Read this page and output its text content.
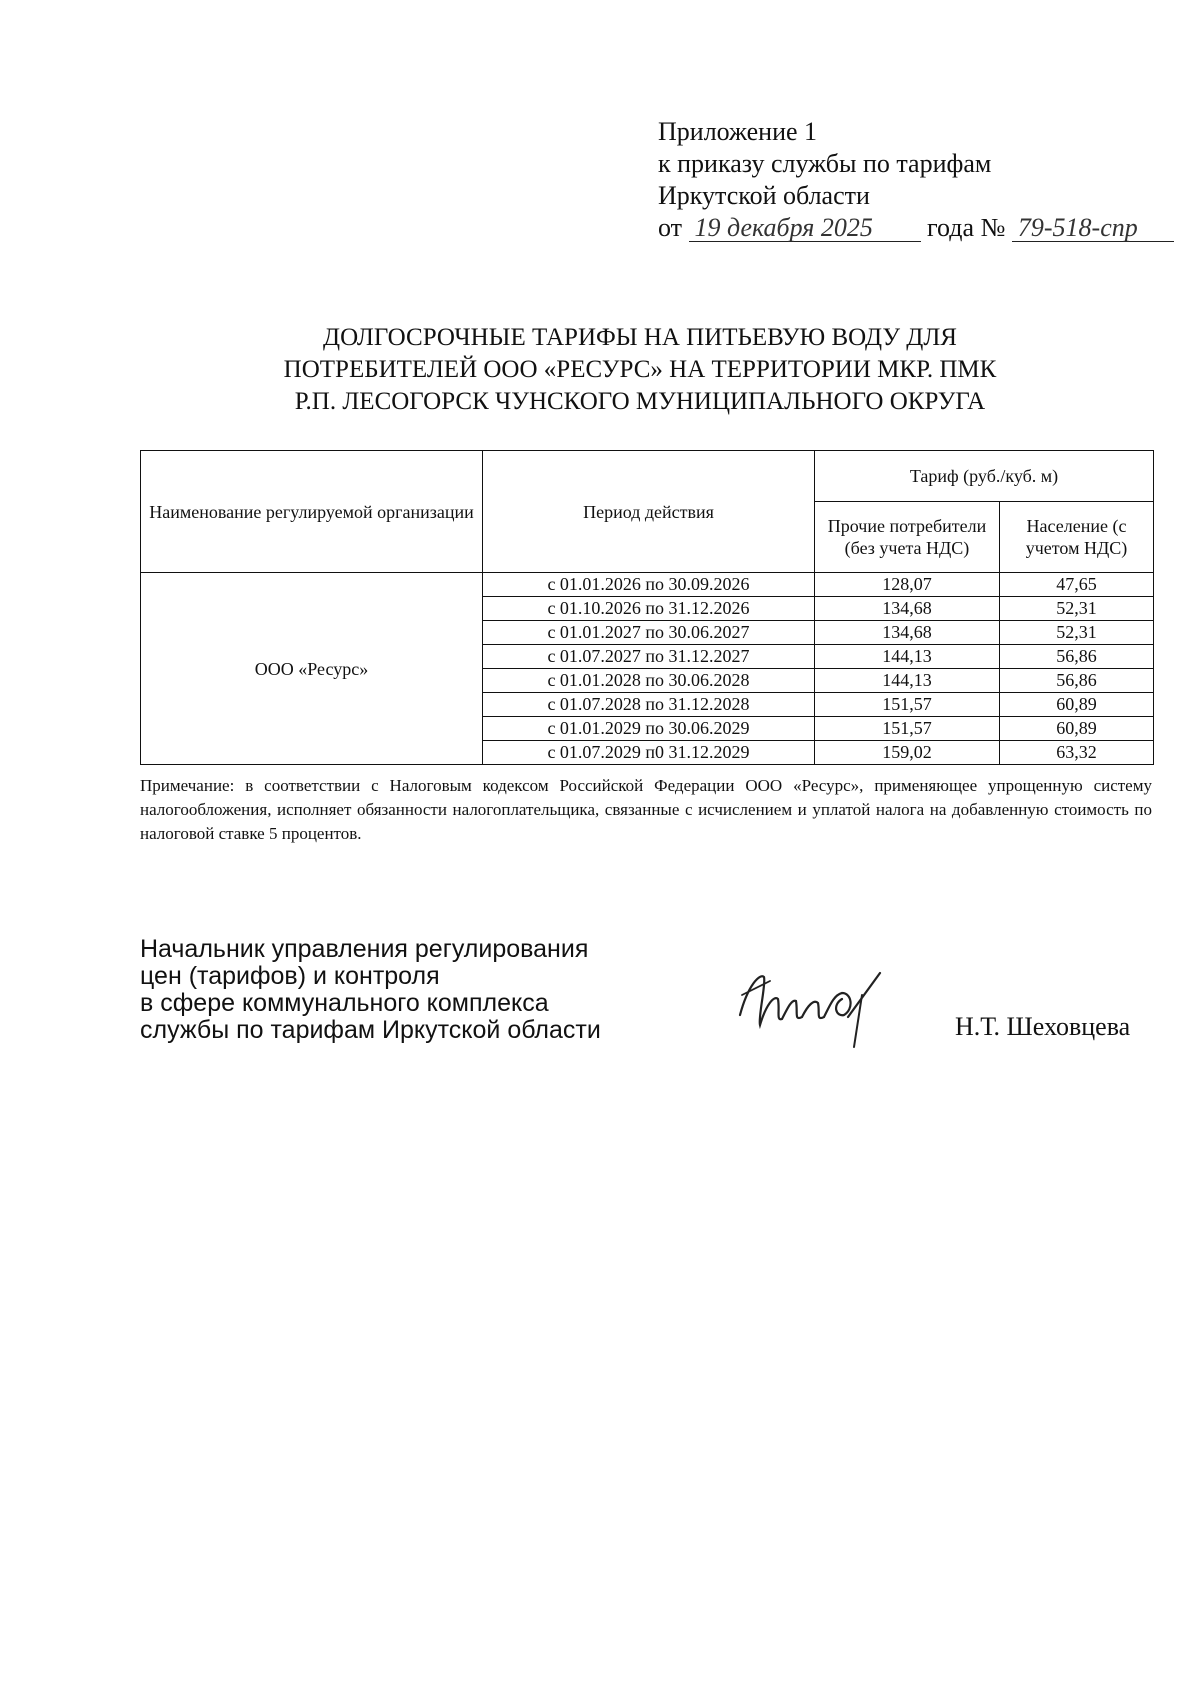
Приложение 1
к приказу службы по тарифам
Иркутской области
от 19 декабря 2025 года № 79-518-спр
ДОЛГОСРОЧНЫЕ ТАРИФЫ НА ПИТЬЕВУЮ ВОДУ ДЛЯ
ПОТРЕБИТЕЛЕЙ ООО «РЕСУРС» НА ТЕРРИТОРИИ МКР. ПМК
Р.П. ЛЕСОГОРСК ЧУНСКОГО МУНИЦИПАЛЬНОГО ОКРУГА
Наименование регулируемой организации	Период действия	Тариф (руб./куб. м)	
		Прочие потребители (без учета НДС)	Население (с учетом НДС)
ООО «Ресурс»	с 01.01.2026 по 30.09.2026	128,07	47,65
	с 01.10.2026 по 31.12.2026	134,68	52,31
	с 01.01.2027 по 30.06.2027	134,68	52,31
	с 01.07.2027 по 31.12.2027	144,13	56,86
	с 01.01.2028 по 30.06.2028	144,13	56,86
	с 01.07.2028 по 31.12.2028	151,57	60,89
	с 01.01.2029 по 30.06.2029	151,57	60,89
	с 01.07.2029 п0 31.12.2029	159,02	63,32
Примечание: в соответствии с Налоговым кодексом Российской Федерации ООО «Ресурс», применяющее упрощенную систему налогообложения, исполняет обязанности налогоплательщика, связанные с исчислением и уплатой налога на добавленную стоимость по налоговой ставке 5 процентов.
Начальник управления регулирования
цен (тарифов) и контроля
в сфере коммунального комплекса
службы по тарифам Иркутской области	Н.Т. Шеховцева
